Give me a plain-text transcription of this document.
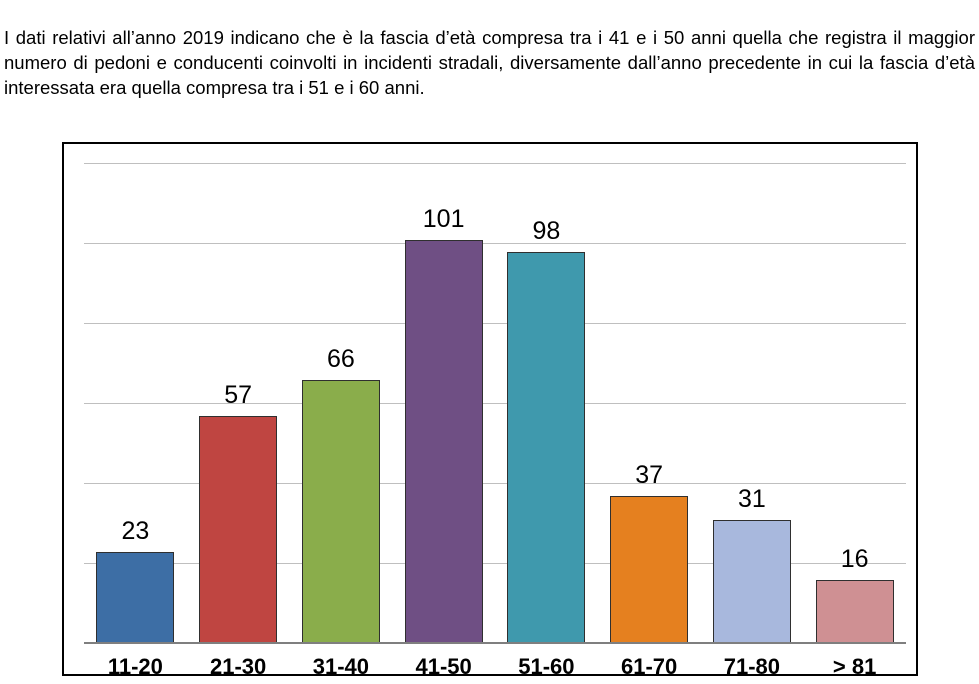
I dati relativi all’anno 2019 indicano che è la fascia d’età compresa tra i 41 e i 50 anni quella che registra il maggior numero di pedoni e conducenti coinvolti in incidenti stradali, diversamente dall’anno precedente in cui la fascia d’età interessata era quella compresa tra i 51 e i 60 anni.

23
57
66
101	98
37
31
16
11-20	21-30	31-40	41-50	51-60	61-70	71-80	> 81
